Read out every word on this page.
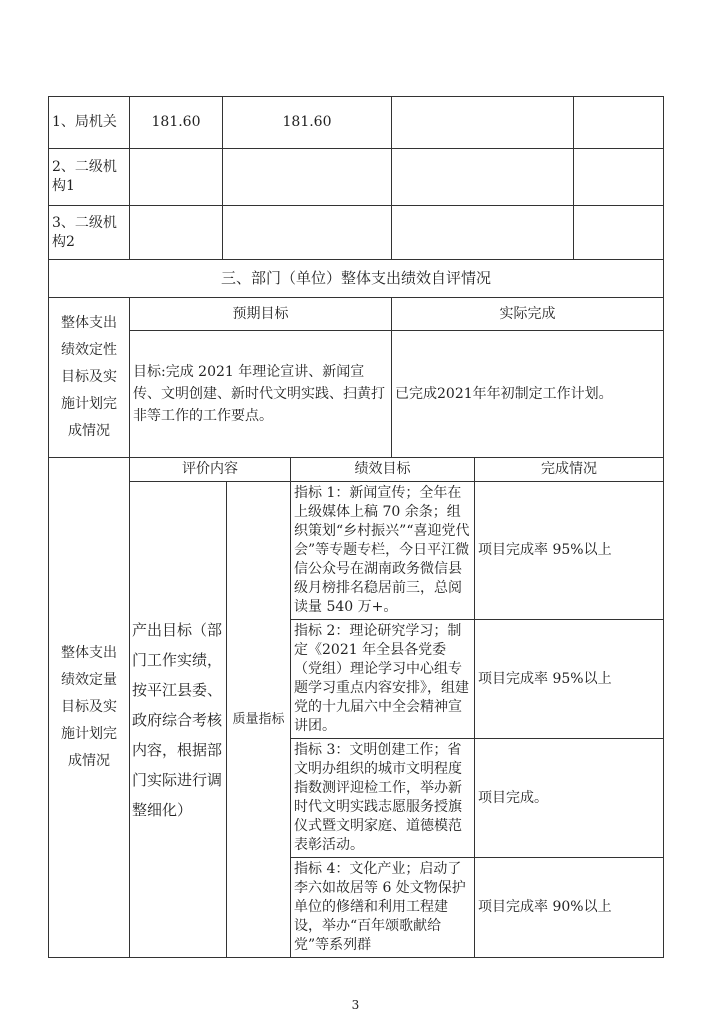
1、局机关	181.60	181.60		
2、二级机构1				
3、二级机构2				
三、部门（单位）整体支出绩效自评情况		
整体支出绩效定性目标及实施计划完成情况	预期目标	实际完成
	目标:完成 2021 年理论宣讲、新闻宣传、文明创建、新时代文明实践、扫黄打非等工作的工作要点。	已完成2021年年初制定工作计划。
整体支出绩效定量目标及实施计划完成情况	评价内容		绩效目标	完成情况
	产出目标（部门工作实绩，按平江县委、政府综合考核内容，根据部门实际进行调整细化）	质量指标	指标 1：新闻宣传；全年在上级媒体上稿 70 余条；组织策划“乡村振兴”“喜迎党代会”等专题专栏，今日平江微信公众号在湖南政务微信县级月榜排名稳居前三，总阅读量 540 万+。	项目完成率 95%以上
			指标 2：理论研究学习；制定《2021 年全县各党委（党组）理论学习中心组专题学习重点内容安排》，组建党的十九届六中全会精神宣讲团。	项目完成率 95%以上
			指标 3：文明创建工作；省文明办组织的城市文明程度指数测评迎检工作，举办新时代文明实践志愿服务授旗仪式暨文明家庭、道德模范表彰活动。	项目完成。
			指标 4：文化产业；启动了李六如故居等 6 处文物保护单位的修缮和利用工程建设，举办“百年颂歌献给党”等系列群	项目完成率 90%以上
3
